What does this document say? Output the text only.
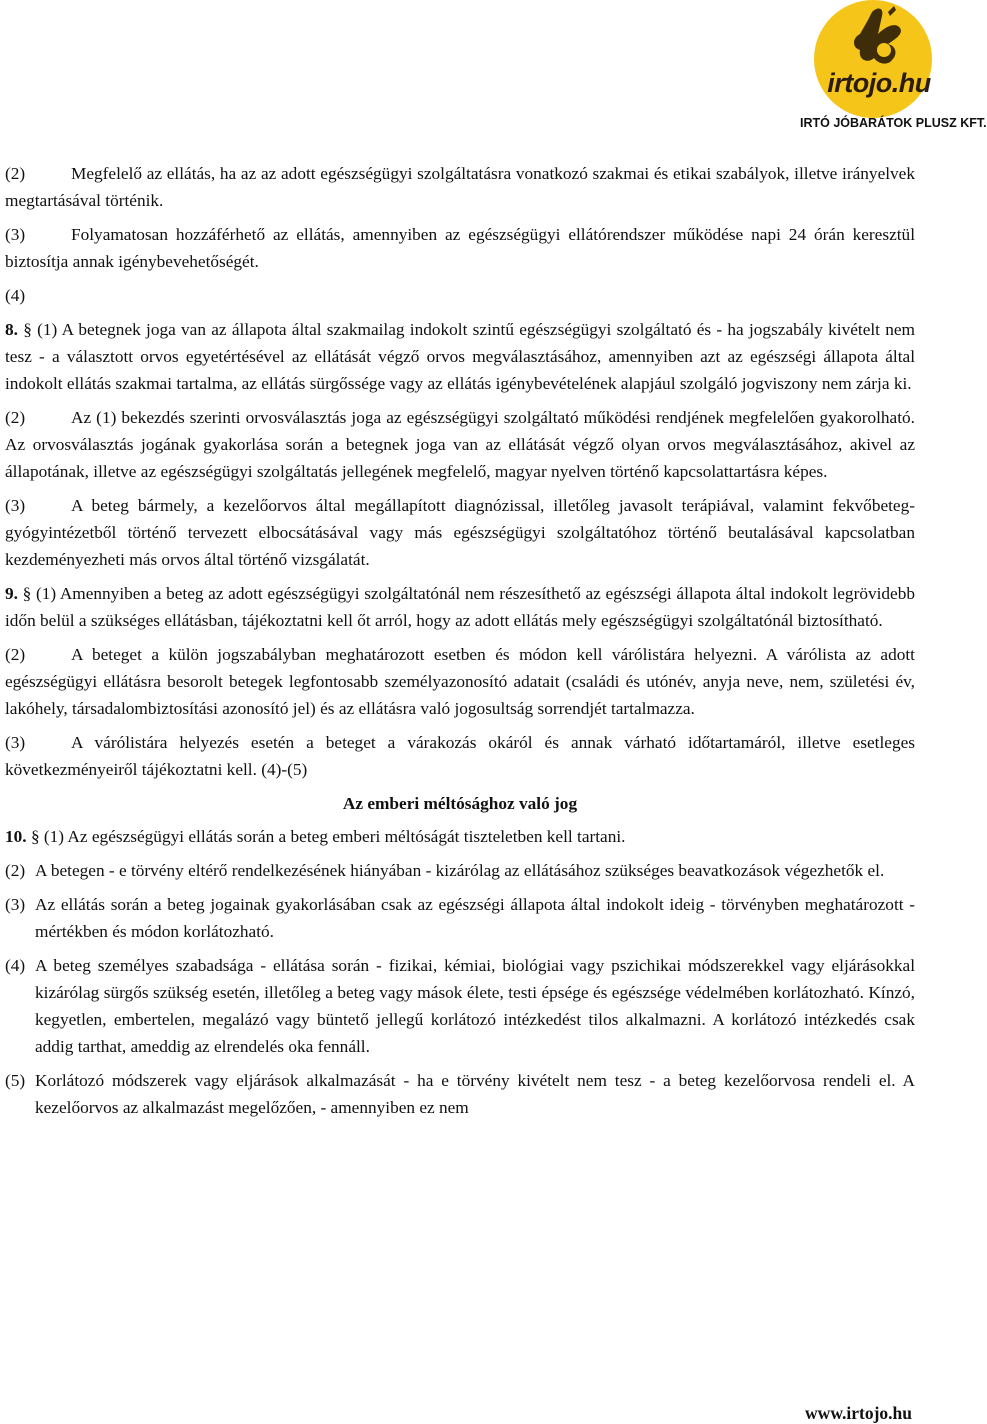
irtojo.hu
IRTÓ JÓBARÁTOK PLUSZ KFT.

(2)	Megfelelő az ellátás, ha az az adott egészségügyi szolgáltatásra vonatkozó szakmai és etikai szabályok, illetve irányelvek megtartásával történik.

(3)	Folyamatosan hozzáférhető az ellátás, amennyiben az egészségügyi ellátórendszer működése napi 24 órán keresztül biztosítja annak igénybevehetőségét.

(4)

8. § (1) A betegnek joga van az állapota által szakmailag indokolt szintű egészségügyi szolgáltató és - ha jogszabály kivételt nem tesz - a választott orvos egyetértésével az ellátását végző orvos megválasztásához, amennyiben azt az egészségi állapota által indokolt ellátás szakmai tartalma, az ellátás sürgőssége vagy az ellátás igénybevételének alapjául szolgáló jogviszony nem zárja ki.

(2)	Az (1) bekezdés szerinti orvosválasztás joga az egészségügyi szolgáltató működési rendjének megfelelően gyakorolható. Az orvosválasztás jogának gyakorlása során a betegnek joga van az ellátását végző olyan orvos megválasztásához, akivel az állapotának, illetve az egészségügyi szolgáltatás jellegének megfelelő, magyar nyelven történő kapcsolattartásra képes.

(3)	A beteg bármely, a kezelőorvos által megállapított diagnózissal, illetőleg javasolt terápiával, valamint fekvőbeteg-gyógyintézetből történő tervezett elbocsátásával vagy más egészségügyi szolgáltatóhoz történő beutalásával kapcsolatban kezdeményezheti más orvos által történő vizsgálatát.

9. § (1) Amennyiben a beteg az adott egészségügyi szolgáltatónál nem részesíthető az egészségi állapota által indokolt legrövidebb időn belül a szükséges ellátásban, tájékoztatni kell őt arról, hogy az adott ellátás mely egészségügyi szolgáltatónál biztosítható.

(2)	A beteget a külön jogszabályban meghatározott esetben és módon kell várólistára helyezni. A várólista az adott egészségügyi ellátásra besorolt betegek legfontosabb személyazonosító adatait (családi és utónév, anyja neve, nem, születési év, lakóhely, társadalombiztosítási azonosító jel) és az ellátásra való jogosultság sorrendjét tartalmazza.

(3)	A várólistára helyezés esetén a beteget a várakozás okáról és annak várható időtartamáról, illetve esetleges következményeiről tájékoztatni kell. (4)-(5)

Az emberi méltósághoz való jog

10. § (1) Az egészségügyi ellátás során a beteg emberi méltóságát tiszteletben kell tartani.

(2) A betegen - e törvény eltérő rendelkezésének hiányában - kizárólag az ellátásához szükséges beavatkozások végezhetők el.

(3) Az ellátás során a beteg jogainak gyakorlásában csak az egészségi állapota által indokolt ideig - törvényben meghatározott - mértékben és módon korlátozható.

(4) A beteg személyes szabadsága - ellátása során - fizikai, kémiai, biológiai vagy pszichikai módszerekkel vagy eljárásokkal kizárólag sürgős szükség esetén, illetőleg a beteg vagy mások élete, testi épsége és egészsége védelmében korlátozható. Kínzó, kegyetlen, embertelen, megalázó vagy büntető jellegű korlátozó intézkedést tilos alkalmazni. A korlátozó intézkedés csak addig tarthat, ameddig az elrendelés oka fennáll.

(5) Korlátozó módszerek vagy eljárások alkalmazását - ha e törvény kivételt nem tesz - a beteg kezelőorvosa rendeli el. A kezelőorvos az alkalmazást megelőzően, - amennyiben ez nem

www.irtojo.hu
